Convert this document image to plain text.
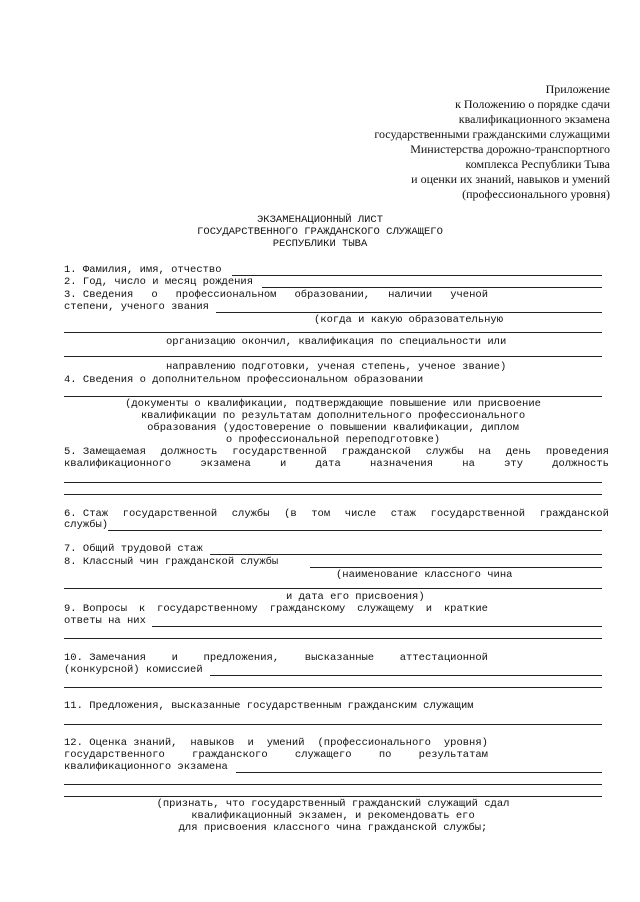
Приложение
к Положению о порядке сдачи
квалификационного экзамена
государственными гражданскими служащими
Министерства дорожно-транспортного
комплекса Республики Тыва
и оценки их знаний, навыков и умений
(профессионального уровня)
ЭКЗАМЕНАЦИОННЫЙ ЛИСТ
ГОСУДАРСТВЕННОГО ГРАЖДАНСКОГО СЛУЖАЩЕГО
РЕСПУБЛИКИ ТЫВА
1. Фамилия, имя, отчество
2. Год, число и месяц рождения
3. Сведения о профессиональном образовании, наличии ученой
степени, ученого звания
(когда и какую образовательную
организацию окончил, квалификация по специальности или
направлению подготовки, ученая степень, ученое звание)
4. Сведения о дополнительном профессиональном образовании
(документы о квалификации, подтверждающие повышение или присвоение
квалификации по результатам дополнительного профессионального
образования (удостоверение о повышении квалификации, диплом
о профессиональной переподготовке)
5. Замещаемая должность государственной гражданской службы на день проведения
квалификационного	экзамена	и	дата	назначения	на	эту	должность
6. Стаж государственной службы (в том числе стаж государственной гражданской
службы)
7. Общий трудовой стаж
8. Классный чин гражданской службы
(наименование классного чина
и дата его присвоения)
9. Вопросы к государственному гражданскому служащему и краткие
ответы на них
10. Замечания и предложения, высказанные аттестационной
(конкурсной) комиссией
11. Предложения, высказанные государственным гражданским служащим
12. Оценка знаний, навыков и умений (профессионального уровня)
государственного	гражданского	служащего	по	результатам
квалификационного экзамена
(признать, что государственный гражданский служащий сдал
квалификационный экзамен, и рекомендовать его
для присвоения классного чина гражданской службы;
